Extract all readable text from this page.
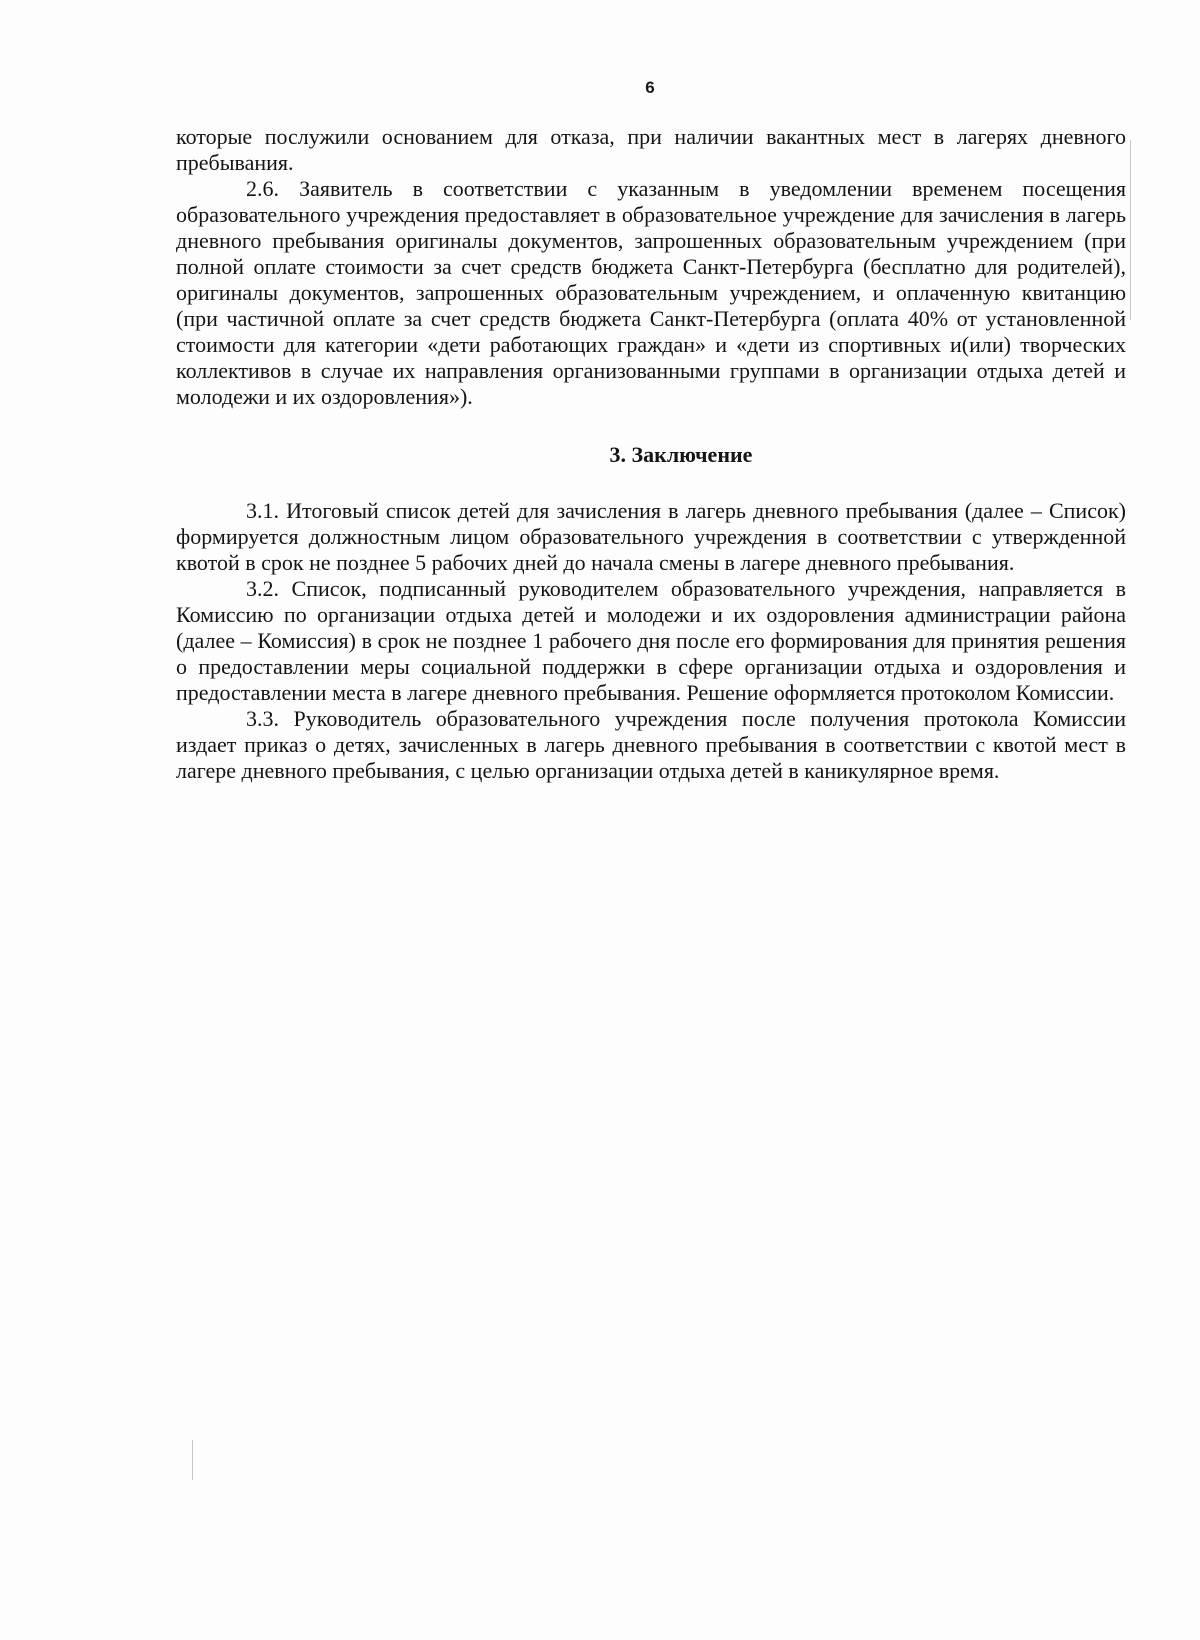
6

которые послужили основанием для отказа, при наличии вакантных мест в лагерях дневного пребывания.

2.6. Заявитель в соответствии с указанным в уведомлении временем посещения образовательного учреждения предоставляет в образовательное учреждение для зачисления в лагерь дневного пребывания оригиналы документов, запрошенных образовательным учреждением (при полной оплате стоимости за счет средств бюджета Санкт-Петербурга (бесплатно для родителей), оригиналы документов, запрошенных образовательным учреждением, и оплаченную квитанцию (при частичной оплате за счет средств бюджета Санкт-Петербурга (оплата 40% от установленной стоимости для категории «дети работающих граждан» и «дети из спортивных и(или) творческих коллективов в случае их направления организованными группами в организации отдыха детей и молодежи и их оздоровления»).

3. Заключение

3.1. Итоговый список детей для зачисления в лагерь дневного пребывания (далее – Список) формируется должностным лицом образовательного учреждения в соответствии с утвержденной квотой в срок не позднее 5 рабочих дней до начала смены в лагере дневного пребывания.

3.2. Список, подписанный руководителем образовательного учреждения, направляется в Комиссию по организации отдыха детей и молодежи и их оздоровления администрации района (далее – Комиссия) в срок не позднее 1 рабочего дня после его формирования для принятия решения о предоставлении меры социальной поддержки в сфере организации отдыха и оздоровления и предоставлении места в лагере дневного пребывания. Решение оформляется протоколом Комиссии.

3.3. Руководитель образовательного учреждения после получения протокола Комиссии издает приказ о детях, зачисленных в лагерь дневного пребывания в соответствии с квотой мест в лагере дневного пребывания, с целью организации отдыха детей в каникулярное время.
